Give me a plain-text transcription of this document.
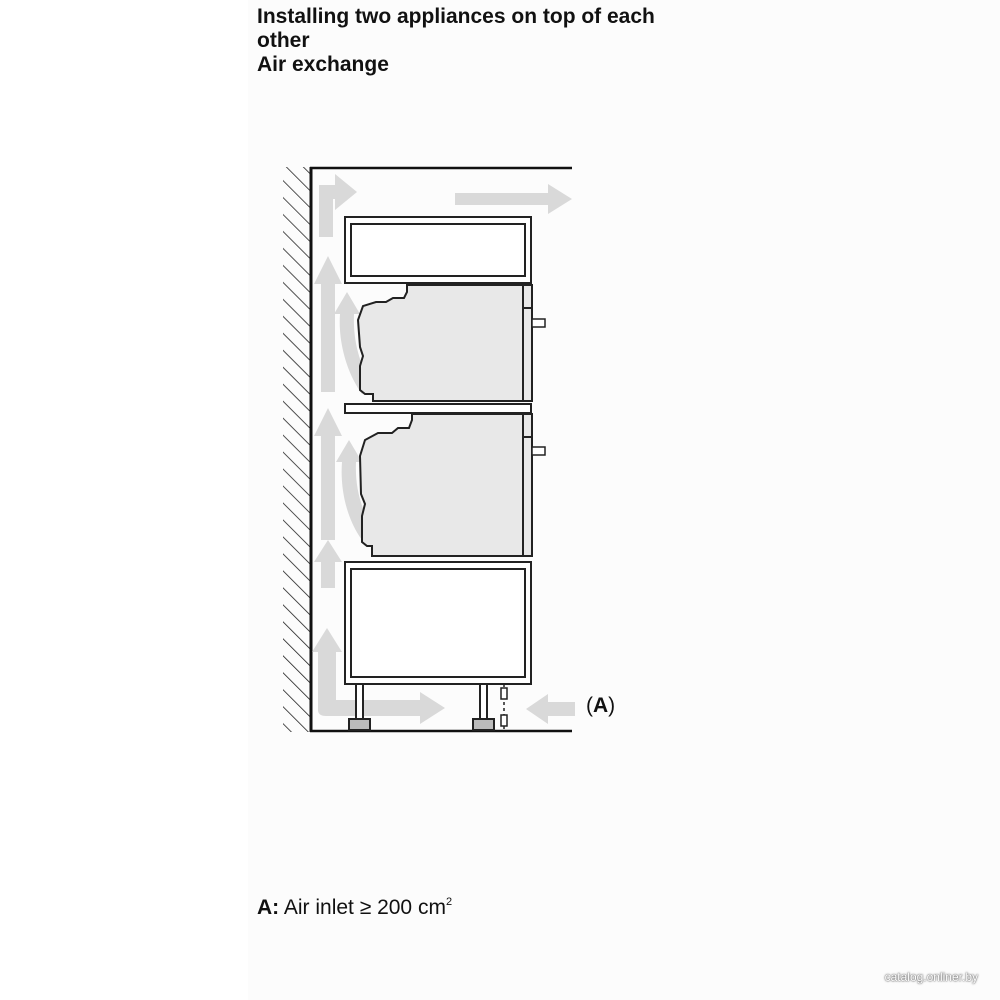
Installing two appliances on top of each
other
Air exchange
(A)
A: Air inlet ≥ 200 $cm^2$
catalog.onliner.by
